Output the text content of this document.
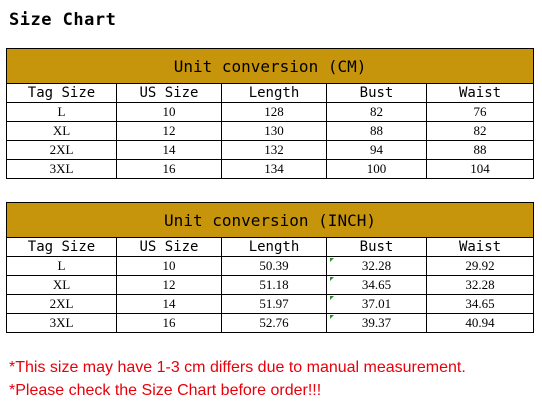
Size Chart
Unit conversion (CM)				
Tag Size	US Size	Length	Bust	Waist
L	10	128	82	76
XL	12	130	88	82
2XL	14	132	94	88
3XL	16	134	100	104
Unit conversion (INCH)				
Tag Size	US Size	Length	Bust	Waist
L	10	50.39	32.28	29.92
XL	12	51.18	34.65	32.28
2XL	14	51.97	37.01	34.65
3XL	16	52.76	39.37	40.94
*This size may have 1-3 cm differs due to manual measurement.
*Please check the Size Chart before order!!!
